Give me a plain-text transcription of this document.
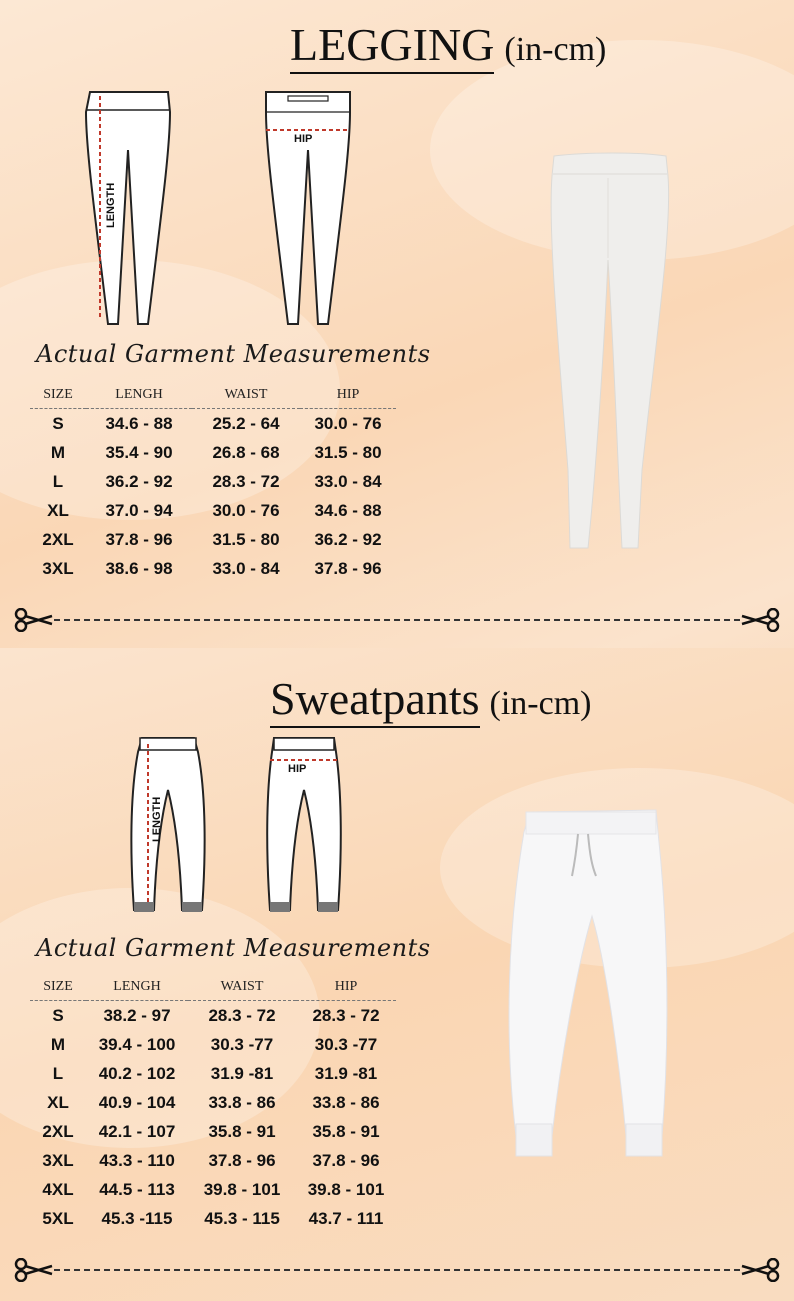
LEGGING (in-cm)
LENGTH
HIP
Actual Garment Measurements
SIZE	LENGH	WAIST	HIP
S	34.6 - 88	25.2 - 64	30.0 - 76
M	35.4 - 90	26.8 - 68	31.5 - 80
L	36.2 - 92	28.3 - 72	33.0 - 84
XL	37.0 - 94	30.0 - 76	34.6 - 88
2XL	37.8 - 96	31.5 - 80	36.2 - 92
3XL	38.6 - 98	33.0 - 84	37.8 - 96
Sweatpants (in-cm)
LENGTH
HIP
Actual Garment Measurements
SIZE	LENGH	WAIST	HIP
S	38.2 - 97	28.3 - 72	28.3 - 72
M	39.4 - 100	30.3 -77	30.3 -77
L	40.2 - 102	31.9 -81	31.9 -81
XL	40.9 - 104	33.8 - 86	33.8 - 86
2XL	42.1 - 107	35.8 - 91	35.8 - 91
3XL	43.3 - 110	37.8 - 96	37.8 - 96
4XL	44.5 - 113	39.8 - 101	39.8 - 101
5XL	45.3 -115	45.3 - 115	43.7 - 111
